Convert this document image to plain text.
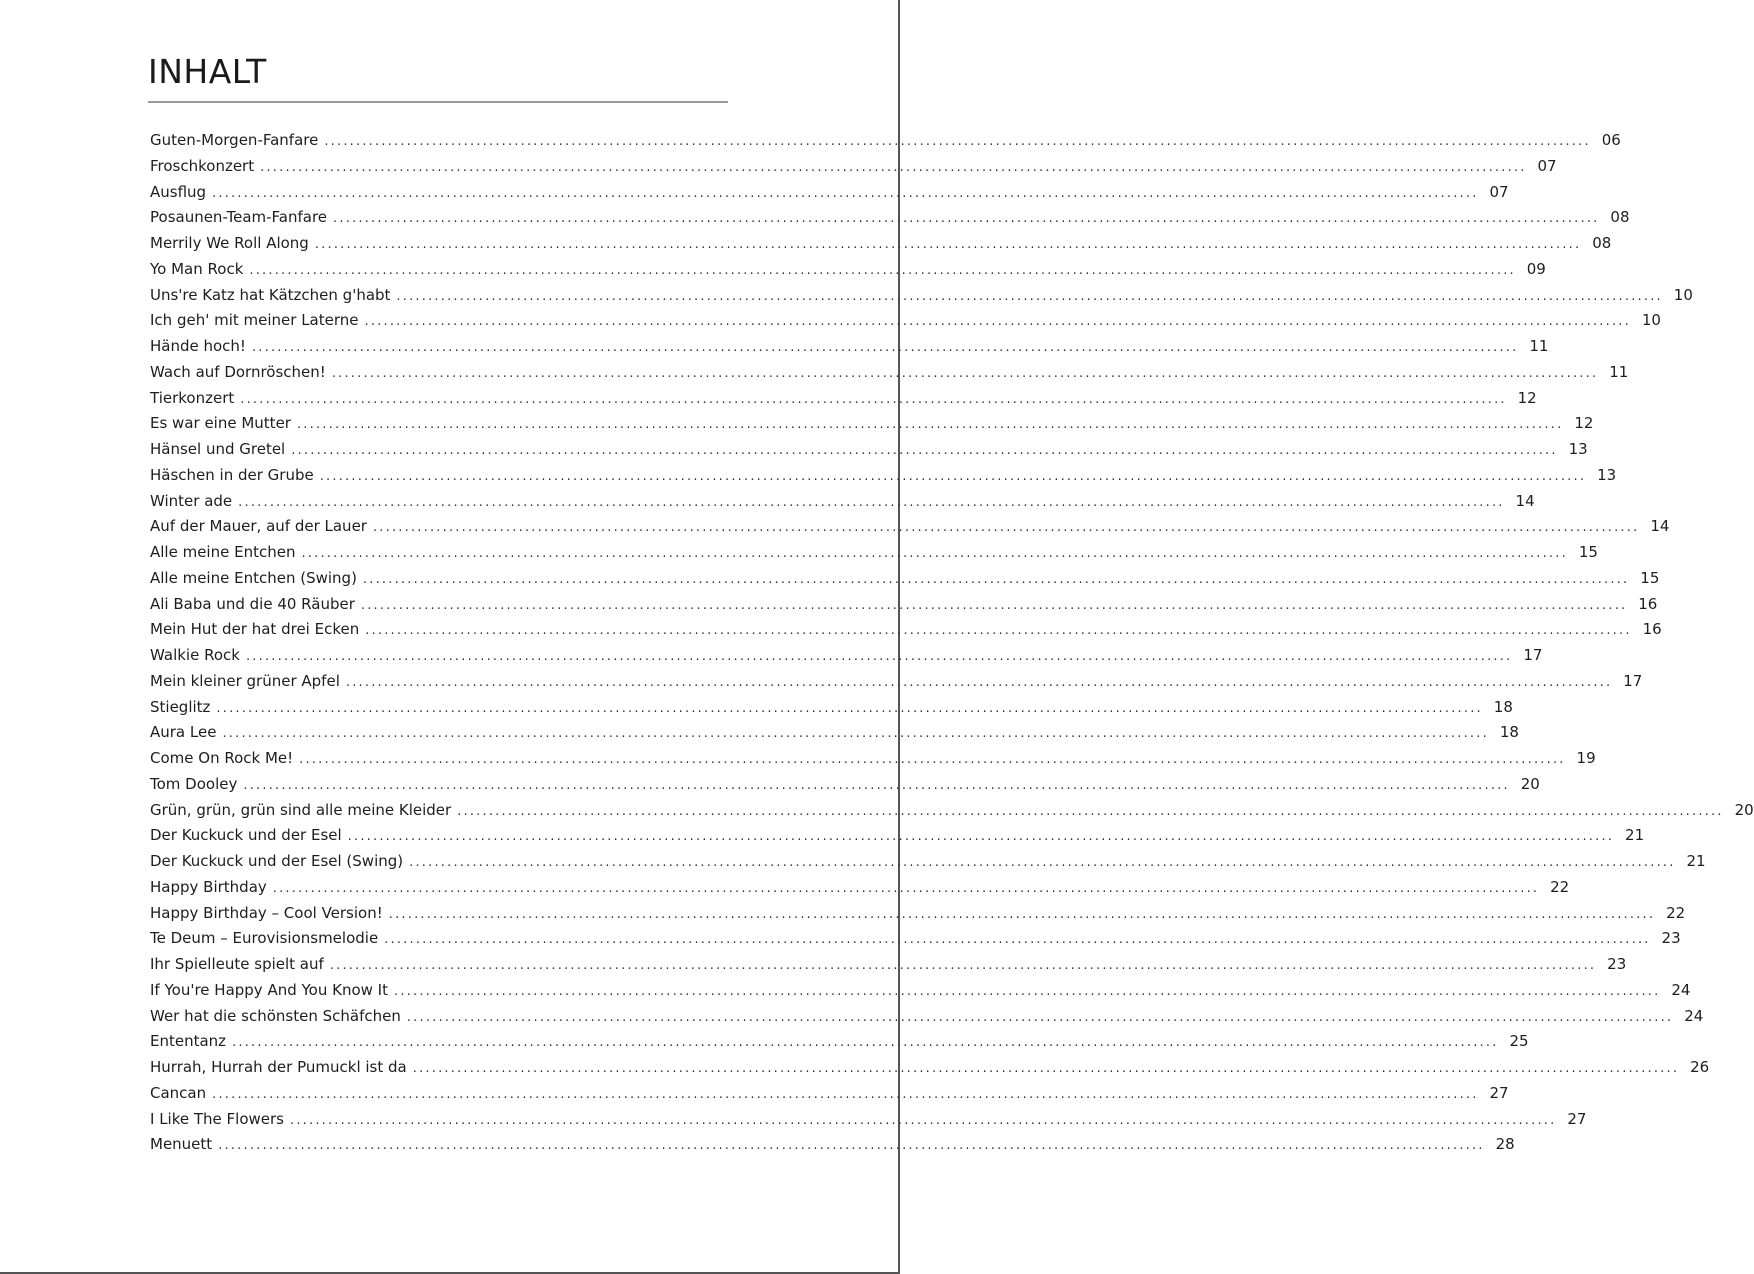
INHALT
Guten-Morgen-Fanfare ........................................................................................................................................................................................................ 06
Froschkonzert ........................................................................................................................................................................................................ 07
Ausflug ........................................................................................................................................................................................................ 07
Posaunen-Team-Fanfare ........................................................................................................................................................................................................ 08
Merrily We Roll Along ........................................................................................................................................................................................................ 08
Yo Man Rock ........................................................................................................................................................................................................ 09
Uns're Katz hat Kätzchen g'habt ........................................................................................................................................................................................................ 10
Ich geh' mit meiner Laterne ........................................................................................................................................................................................................ 10
Hände hoch! ........................................................................................................................................................................................................ 11
Wach auf Dornröschen! ........................................................................................................................................................................................................ 11
Tierkonzert ........................................................................................................................................................................................................ 12
Es war eine Mutter ........................................................................................................................................................................................................ 12
Hänsel und Gretel ........................................................................................................................................................................................................ 13
Häschen in der Grube ........................................................................................................................................................................................................ 13
Winter ade ........................................................................................................................................................................................................ 14
Auf der Mauer, auf der Lauer ........................................................................................................................................................................................................ 14
Alle meine Entchen ........................................................................................................................................................................................................ 15
Alle meine Entchen (Swing) ........................................................................................................................................................................................................ 15
Ali Baba und die 40 Räuber ........................................................................................................................................................................................................ 16
Mein Hut der hat drei Ecken ........................................................................................................................................................................................................ 16
Walkie Rock ........................................................................................................................................................................................................ 17
Mein kleiner grüner Apfel ........................................................................................................................................................................................................ 17
Stieglitz ........................................................................................................................................................................................................ 18
Aura Lee ........................................................................................................................................................................................................ 18
Come On Rock Me! ........................................................................................................................................................................................................ 19
Tom Dooley ........................................................................................................................................................................................................ 20
Grün, grün, grün sind alle meine Kleider ........................................................................................................................................................................................................ 20
Der Kuckuck und der Esel ........................................................................................................................................................................................................ 21
Der Kuckuck und der Esel (Swing) ........................................................................................................................................................................................................ 21
Happy Birthday ........................................................................................................................................................................................................ 22
Happy Birthday – Cool Version! ........................................................................................................................................................................................................ 22
Te Deum – Eurovisionsmelodie ........................................................................................................................................................................................................ 23
Ihr Spielleute spielt auf ........................................................................................................................................................................................................ 23
If You're Happy And You Know It ........................................................................................................................................................................................................ 24
Wer hat die schönsten Schäfchen ........................................................................................................................................................................................................ 24
Ententanz ........................................................................................................................................................................................................ 25
Hurrah, Hurrah der Pumuckl ist da ........................................................................................................................................................................................................ 26
Cancan ........................................................................................................................................................................................................ 27
I Like The Flowers ........................................................................................................................................................................................................ 27
Menuett ........................................................................................................................................................................................................ 28
